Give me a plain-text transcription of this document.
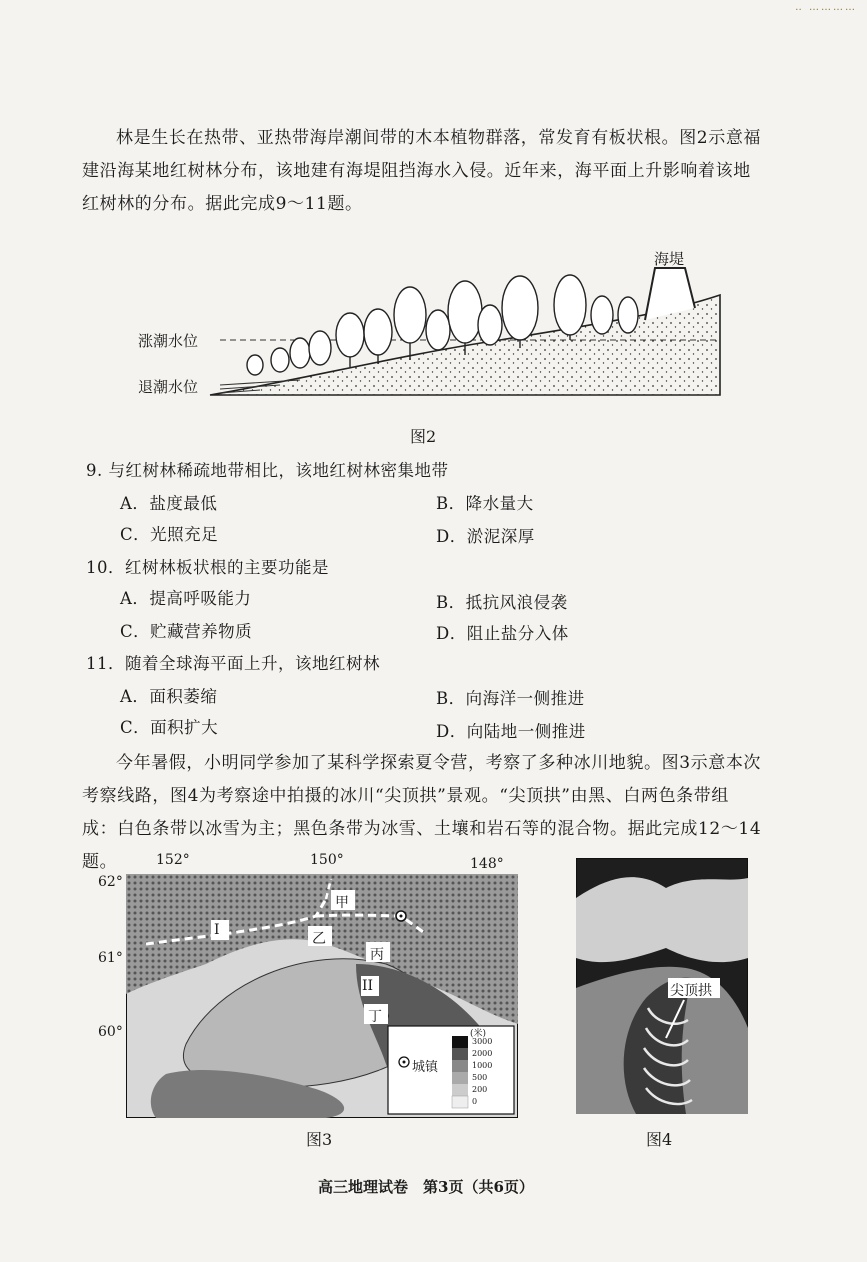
‥ …………
林是生长在热带、亚热带海岸潮间带的木本植物群落，常发育有板状根。图2示意福建沿海某地红树林分布，该地建有海堤阻挡海水入侵。近年来，海平面上升影响着该地红树林的分布。据此完成9～11题。
海堤
涨潮水位
退潮水位
图2
9. 与红树林稀疏地带相比，该地红树林密集地带
A．盐度最低	B．降水量大
C．光照充足	D．淤泥深厚
10．红树林板状根的主要功能是
A．提高呼吸能力	B．抵抗风浪侵袭
C．贮藏营养物质	D．阻止盐分入体
11．随着全球海平面上升，该地红树林
A．面积萎缩	B．向海洋一侧推进
C．面积扩大	D．向陆地一侧推进
今年暑假，小明同学参加了某科学探索夏令营，考察了多种冰川地貌。图3示意本次考察线路，图4为考察途中拍摄的冰川“尖顶拱”景观。“尖顶拱”由黑、白两色条带组成：白色条带以冰雪为主；黑色条带为冰雪、土壤和岩石等的混合物。据此完成12～14题。	152°	150°	148°
62°
61°
60°
甲
乙
丙
丁
I
II
城镇
(米)
3000
2000
1000
500
200
0
图3
尖顶拱
图4
高三地理试卷　第3页（共6页）
